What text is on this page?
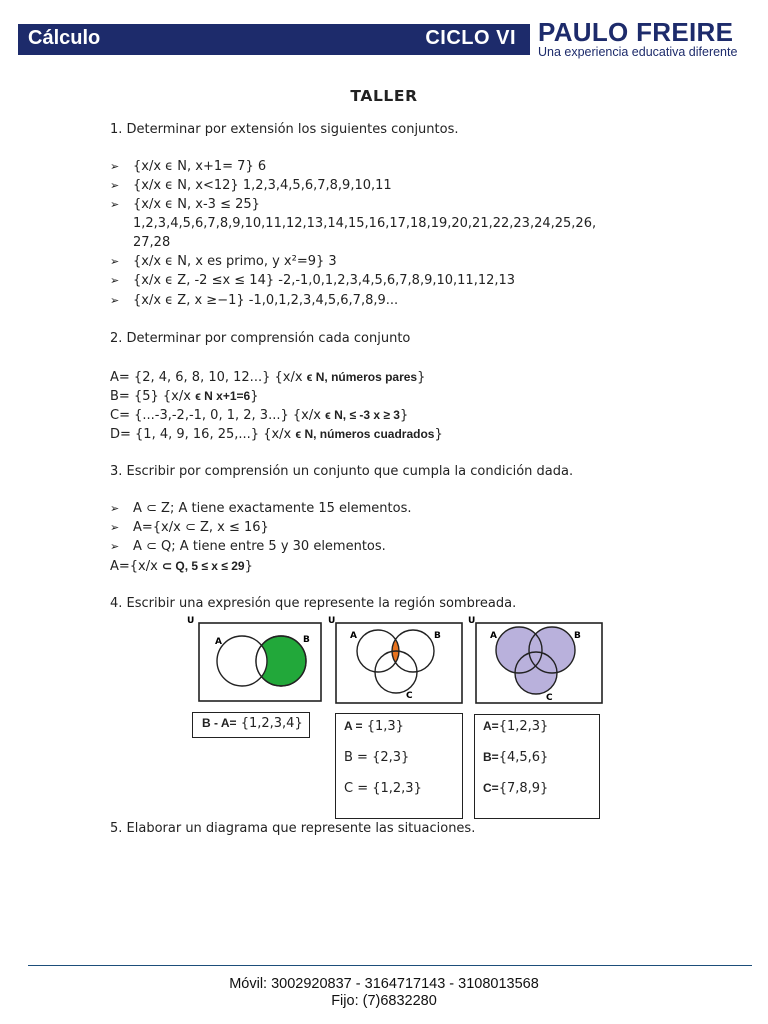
Cálculo	CICLO VI PAULO FREIRE
Una experiencia educativa diferente
TALLER
1. Determinar por extensión los siguientes conjuntos.
➢ {x/x ϵ N, x+1= 7} 6
➢ {x/x ϵ N, x<12} 1,2,3,4,5,6,7,8,9,10,11
➢ {x/x ϵ N, x-3 ≤ 25}
1,2,3,4,5,6,7,8,9,10,11,12,13,14,15,16,17,18,19,20,21,22,23,24,25,26,
27,28
➢ {x/x ϵ N, x es primo, y x²=9} 3
➢ {x/x ϵ Z, -2 ≤x ≤ 14} -2,-1,0,1,2,3,4,5,6,7,8,9,10,11,12,13
➢ {x/x ϵ Z, x ≥−1} -1,0,1,2,3,4,5,6,7,8,9...
2. Determinar por comprensión cada conjunto
A= {2, 4, 6, 8, 10, 12...} {x/x ϵ N, números pares}
B= {5} {x/x ϵ N x+1=6}
C= {...-3,-2,-1, 0, 1, 2, 3...} {x/x ϵ N, ≤ -3 x ≥ 3}
D= {1, 4, 9, 16, 25,...} {x/x ϵ N, números cuadrados}
3. Escribir por comprensión un conjunto que cumpla la condición dada.
➢ A ⊂ Z; A tiene exactamente 15 elementos.
➢ A={x/x ⊂ Z, x ≤ 16}
➢ A ⊂ Q; A tiene entre 5 y 30 elementos.
A={x/x ⊂ Q, 5 ≤ x ≤ 29}
4. Escribir una expresión que represente la región sombreada.
U
A	B
U
A	B
C
U
A	B
C
B - A= {1,2,3,4}	A = {1,3}
B = {2,3}
C = {1,2,3}
A={1,2,3}
B={4,5,6}
C={7,8,9}
5. Elaborar un diagrama que represente las situaciones.
Móvil: 3002920837 - 3164717143 - 3108013568
Fijo: (7)6832280
